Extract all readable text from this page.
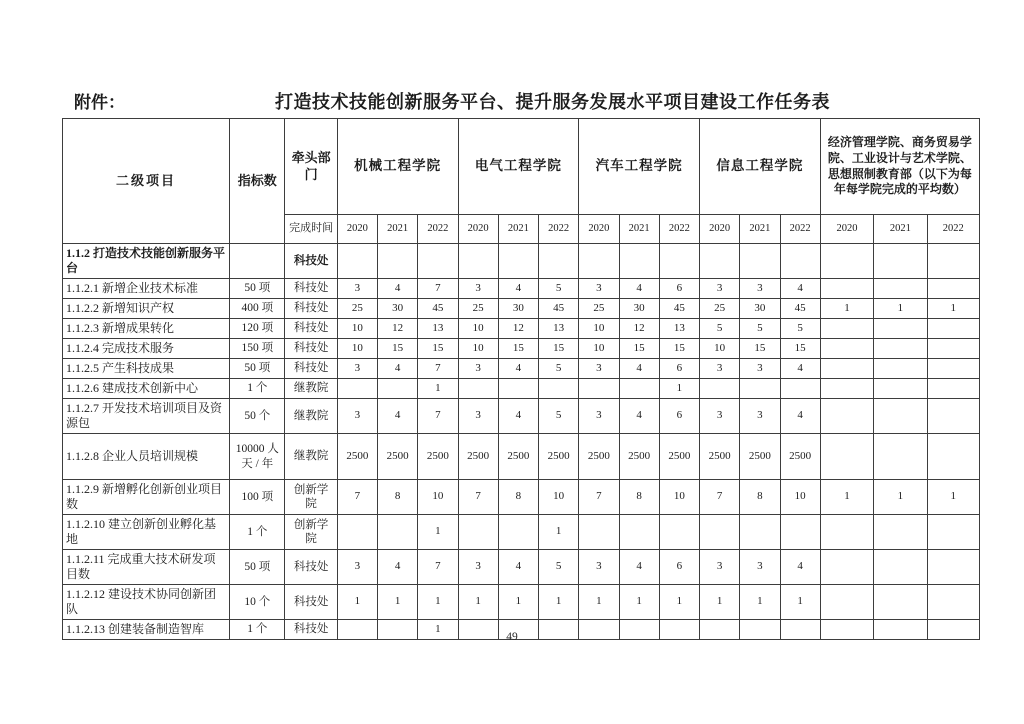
附件：	打造技术技能创新服务平台、提升服务发展水平项目建设工作任务表
二级项目	指标数	牵头部门	机械工程学院			电气工程学院			汽车工程学院			信息工程学院			经济管理学院、商务贸易学院、工业设计与艺术学院、思想照制教育部（以下为每年每学院完成的平均数）		
		完成时间	2020	2021	2022	2020	2021	2022	2020	2021	2022	2020	2021	2022	2020	2021	2022
1.1.2 打造技术技能创新服务平台		科技处															
1.1.2.1 新增企业技术标准	50 项	科技处	3	4	7	3	4	5	3	4	6	3	3	4			
1.1.2.2 新增知识产权	400 项	科技处	25	30	45	25	30	45	25	30	45	25	30	45	1	1	1
1.1.2.3 新增成果转化	120 项	科技处	10	12	13	10	12	13	10	12	13	5	5	5			
1.1.2.4 完成技术服务	150 项	科技处	10	15	15	10	15	15	10	15	15	10	15	15			
1.1.2.5 产生科技成果	50 项	科技处	3	4	7	3	4	5	3	4	6	3	3	4			
1.1.2.6 建成技术创新中心	1 个	继教院			1						1						
1.1.2.7 开发技术培训项目及资源包	50 个	继教院	3	4	7	3	4	5	3	4	6	3	3	4			
1.1.2.8 企业人员培训规模	10000 人 天 / 年	继教院	2500	2500	2500	2500	2500	2500	2500	2500	2500	2500	2500	2500			
1.1.2.9 新增孵化创新创业项目数	100 项	创新学院	7	8	10	7	8	10	7	8	10	7	8	10	1	1	1
1.1.2.10 建立创新创业孵化基地	1 个	创新学院			1			1									
1.1.2.11 完成重大技术研发项目数	50 项	科技处	3	4	7	3	4	5	3	4	6	3	3	4			
1.1.2.12 建设技术协同创新团队	10 个	科技处	1	1	1	1	1	1	1	1	1	1	1	1			
1.1.2.13 创建装备制造智库	1 个	科技处			1												
49
